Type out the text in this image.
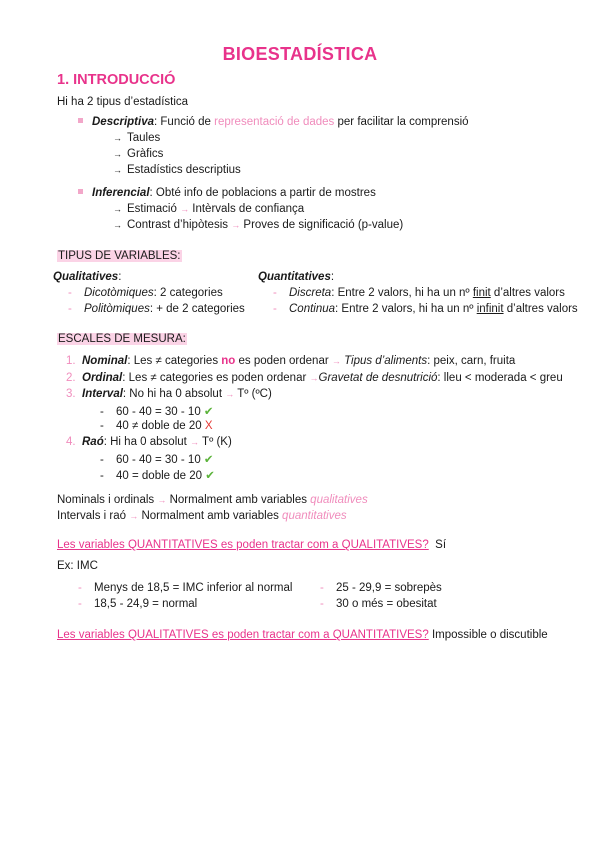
BIOESTADÍSTICA
1. INTRODUCCIÓ
Hi ha 2 tipus d’estadística
Descriptiva: Funció de representació de dades per facilitar la comprensió
→ Taules
→ Gràfics
→ Estadístics descriptius
Inferencial: Obté info de poblacions a partir de mostres
→ Estimació → Intèrvals de confiança
→ Contrast d’hipòtesis → Proves de significació (p-value)
TIPUS DE VARIABLES:
Qualitatives:
- Dicotòmiques: 2 categories
- Politòmiques: + de 2 categories
Quantitatives:
- Discreta: Entre 2 valors, hi ha un nº finit d’altres valors
- Continua: Entre 2 valors, hi ha un nº infinit d’altres valors
ESCALES DE MESURA:
1. Nominal: Les ≠ categories no es poden ordenar → Tipus d’aliments: peix, carn, fruita
2. Ordinal: Les ≠ categories es poden ordenar →Gravetat de desnutrició: lleu < moderada < greu
3. Interval: No hi ha 0 absolut → Tº (ºC)
- 60 - 40 = 30 - 10 ✔
- 40 ≠ doble de 20 X
4. Raó: Hi ha 0 absolut → Tº (K)
- 60 - 40 = 30 - 10 ✔
- 40 = doble de 20 ✔
Nominals i ordinals → Normalment amb variables qualitatives
Intervals i raó → Normalment amb variables quantitatives
Les variables QUANTITATIVES es poden tractar com a QUALITATIVES? Sí
Ex: IMC
- Menys de 18,5 = IMC inferior al normal
- 18,5 - 24,9 = normal
- 25 - 29,9 = sobrepès
- 30 o més = obesitat
Les variables QUALITATIVES es poden tractar com a QUANTITATIVES? Impossible o discutible
